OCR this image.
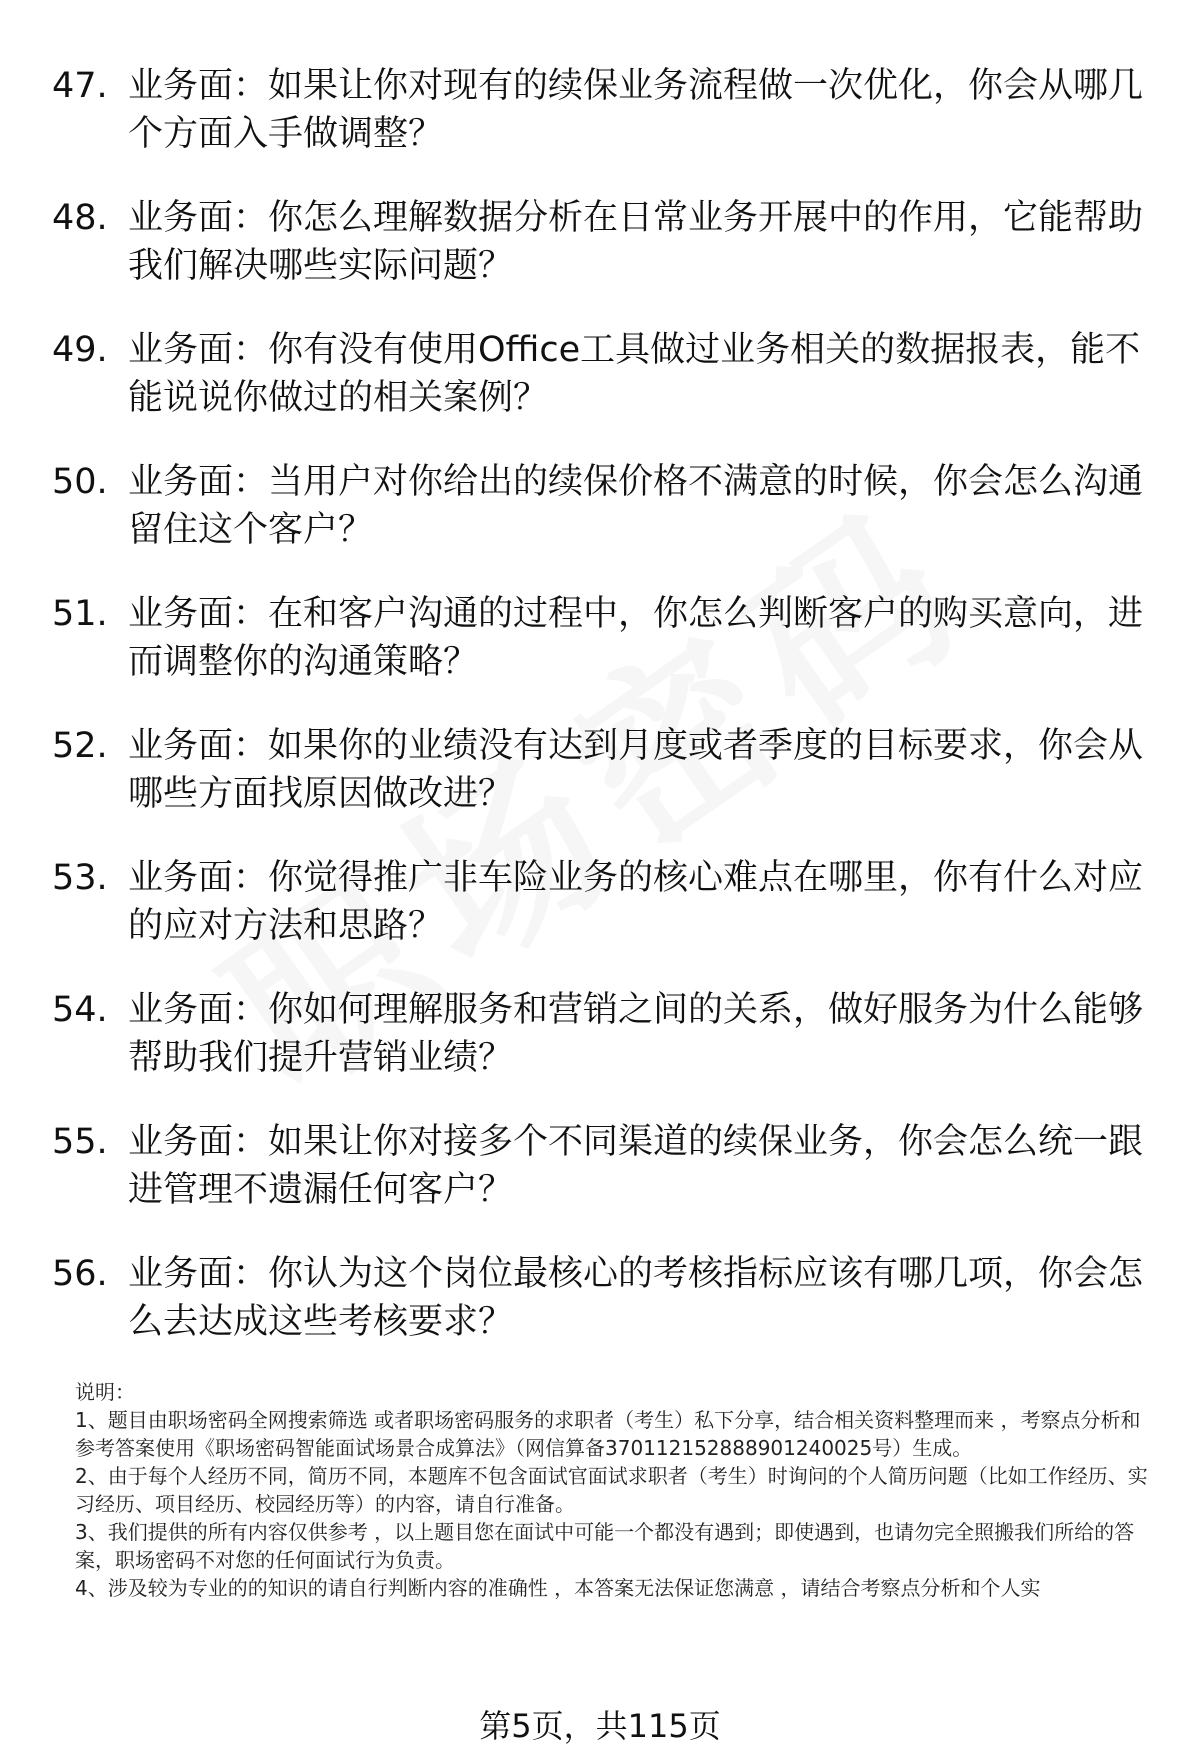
47. 业务面：如果让你对现有的续保业务流程做一次优化，你会从哪几个方面入手做调整？
48. 业务面：你怎么理解数据分析在日常业务开展中的作用，它能帮助我们解决哪些实际问题？
49. 业务面：你有没有使用Office工具做过业务相关的数据报表，能不能说说你做过的相关案例？
50. 业务面：当用户对你给出的续保价格不满意的时候，你会怎么沟通留住这个客户？
51. 业务面：在和客户沟通的过程中，你怎么判断客户的购买意向，进而调整你的沟通策略？
52. 业务面：如果你的业绩没有达到月度或者季度的目标要求，你会从哪些方面找原因做改进？
53. 业务面：你觉得推广非车险业务的核心难点在哪里，你有什么对应的应对方法和思路？
54. 业务面：你如何理解服务和营销之间的关系，做好服务为什么能够帮助我们提升营销业绩？
55. 业务面：如果让你对接多个不同渠道的续保业务，你会怎么统一跟进管理不遗漏任何客户？
56. 业务面：你认为这个岗位最核心的考核指标应该有哪几项，你会怎么去达成这些考核要求？

说明：

1、题目由职场密码全网搜索筛选 或者职场密码服务的求职者（考生）私下分享，结合相关资料整理而来 ，考察点分析和参考答案使用《职场密码智能面试场景合成算法》（网信算备370112152888901240025号）生成。

2、由于每个人经历不同，简历不同，本题库不包含面试官面试求职者（考生）时询问的个人简历问题（比如工作经历、实习经历、项目经历、校园经历等）的内容，请自行准备。

3、我们提供的所有内容仅供参考 ，以上题目您在面试中可能一个都没有遇到；即使遇到，也请勿完全照搬我们所给的答案，职场密码不对您的任何面试行为负责。

4、涉及较为专业的的知识的请自行判断内容的准确性 ，本答案无法保证您满意 ，请结合考察点分析和个人实

第5页，共115页
